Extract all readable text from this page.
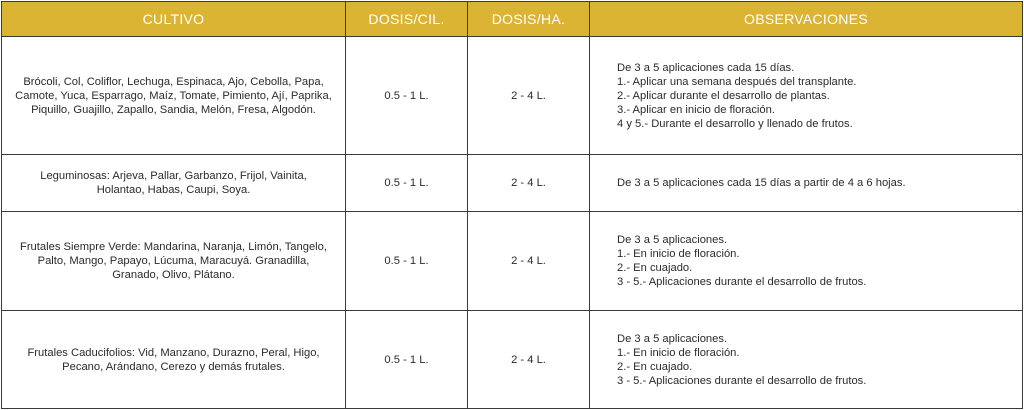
CULTIVO	DOSIS/CIL.	DOSIS/HA.	OBSERVACIONES

Brócoli, Col, Coliflor, Lechuga, Espinaca, Ajo, Cebolla, Papa, Camote, Yuca, Esparrago, Maíz, Tomate, Pimiento, Ají, Paprika, Piquillo, Guajillo, Zapallo, Sandia, Melón, Fresa, Algodón.	0.5 - 1 L.	2 - 4 L.	De 3 a 5 aplicaciones cada 15 días.
1.- Aplicar una semana después del transplante.
2.- Aplicar durante el desarrollo de plantas.
3.- Aplicar en inicio de floración.
4 y 5.- Durante el desarrollo y llenado de frutos.

Leguminosas: Arjeva, Pallar, Garbanzo, Frijol, Vainita, Holantao, Habas, Caupi, Soya.	0.5 - 1 L.	2 - 4 L.	De 3 a 5 aplicaciones cada 15 días a partir de 4 a 6 hojas.

Frutales Siempre Verde: Mandarina, Naranja, Limón, Tangelo, Palto, Mango, Papayo, Lúcuma, Maracuyá. Granadilla, Granado, Olivo, Plátano.	0.5 - 1 L.	2 - 4 L.	De 3 a 5 aplicaciones.
1.- En inicio de floración.
2.- En cuajado.
3 - 5.- Aplicaciones durante el desarrollo de frutos.

Frutales Caducifolios: Vid, Manzano, Durazno, Peral, Higo, Pecano, Arándano, Cerezo y demás frutales.	0.5 - 1 L.	2 - 4 L.	De 3 a 5 aplicaciones.
1.- En inicio de floración.
2.- En cuajado.
3 - 5.- Aplicaciones durante el desarrollo de frutos.
